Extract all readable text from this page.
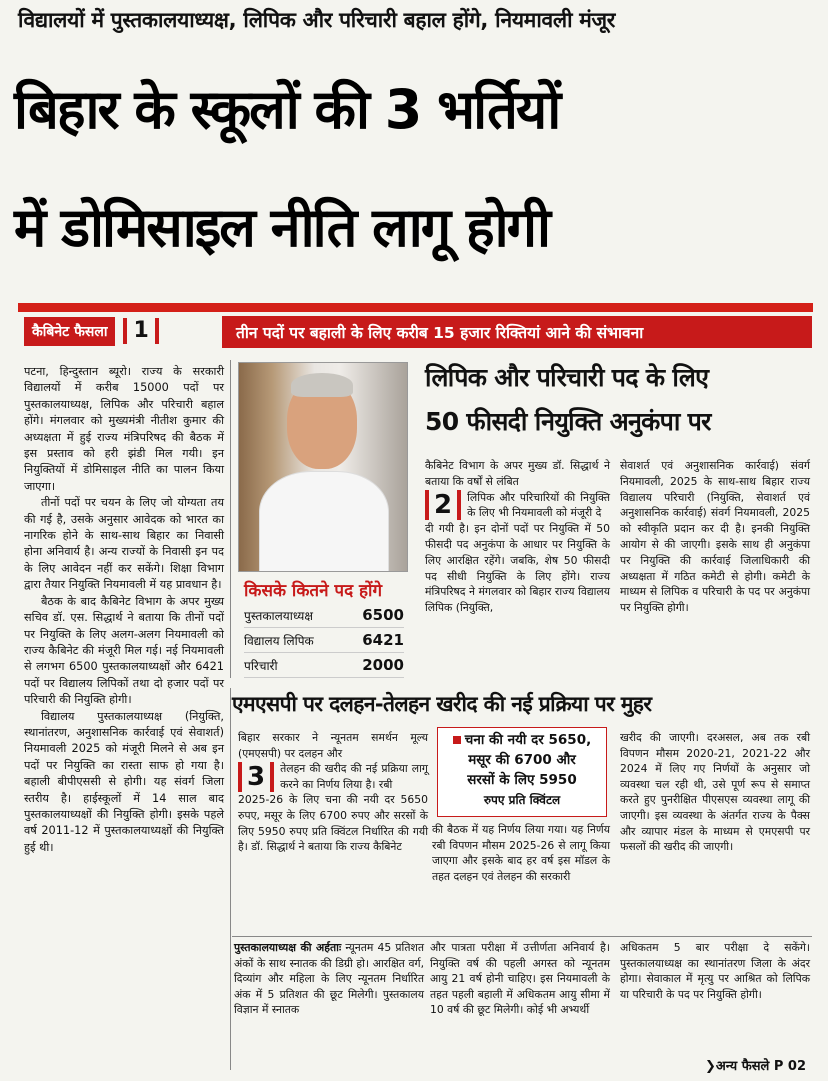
विद्यालयों में पुस्तकालयाध्यक्ष, लिपिक और परिचारी बहाल होंगे, नियमावली मंजूर
बिहार के स्कूलों की 3 भर्तियों
में डोमिसाइल नीति लागू होगी
कैबिनेट फैसला	1	तीन पदों पर बहाली के लिए करीब 15 हजार रिक्तियां आने की संभावना

पटना, हिन्दुस्तान ब्यूरो। राज्य के सरकारी विद्यालयों में करीब 15000 पदों पर पुस्तकालयाध्यक्ष, लिपिक और परिचारी बहाल होंगे। मंगलवार को मुख्यमंत्री नीतीश कुमार की अध्यक्षता में हुई राज्य मंत्रिपरिषद की बैठक में इस प्रस्ताव को हरी झंडी मिल गयी। इन नियुक्तियों में डोमिसाइल नीति का पालन किया जाएगा।

तीनों पदों पर चयन के लिए जो योग्यता तय की गई है, उसके अनुसार आवेदक को भारत का नागरिक होने के साथ-साथ बिहार का निवासी होना अनिवार्य है। अन्य राज्यों के निवासी इन पद के लिए आवेदन नहीं कर सकेंगे। शिक्षा विभाग द्वारा तैयार नियुक्ति नियमावली में यह प्रावधान है।

बैठक के बाद कैबिनेट विभाग के अपर मुख्य सचिव डॉ. एस. सिद्धार्थ ने बताया कि तीनों पदों पर नियुक्ति के लिए अलग-अलग नियमावली को राज्य कैबिनेट की मंजूरी मिल गई। नई नियमावली से लगभग 6500 पुस्तकालयाध्यक्षों और 6421 पदों पर विद्यालय लिपिकों तथा दो हजार पदों पर परिचारी की नियुक्ति होगी।

विद्यालय पुस्तकालयाध्यक्ष (नियुक्ति, स्थानांतरण, अनुशासनिक कार्रवाई एवं सेवाशर्त) नियमावली 2025 को मंजूरी मिलने से अब इन पदों पर नियुक्ति का रास्ता साफ हो गया है। बहाली बीपीएससी से होगी। यह संवर्ग जिला स्तरीय है। हाईस्कूलों में 14 साल बाद पुस्तकालयाध्यक्षों की नियुक्ति होगी। इसके पहले वर्ष 2011-12 में पुस्तकालयाध्यक्षों की नियुक्ति हुई थी।

किसके कितने पद होंगे
पुस्तकालयाध्यक्ष	6500
विद्यालय लिपिक	6421
परिचारी	2000
लिपिक और परिचारी पद के लिए
50 फीसदी नियुक्ति अनुकंपा पर

कैबिनेट विभाग के अपर मुख्य डॉ. सिद्धार्थ ने बताया कि वर्षों से लंबित

2	लिपिक और परिचारियों की नियुक्ति के लिए भी नियमावली को मंजूरी दे

दी गयी है। इन दोनों पदों पर नियुक्ति में 50 फीसदी पद अनुकंपा के आधार पर नियुक्ति के लिए आरक्षित रहेंगे। जबकि, शेष 50 फीसदी पद सीधी नियुक्ति के लिए होंगे। राज्य मंत्रिपरिषद ने मंगलवार को बिहार राज्य विद्यालय लिपिक (नियुक्ति,

सेवाशर्त एवं अनुशासनिक कार्रवाई) संवर्ग नियमावली, 2025 के साथ-साथ बिहार राज्य विद्यालय परिचारी (नियुक्ति, सेवाशर्त एवं अनुशासनिक कार्रवाई) संवर्ग नियमावली, 2025 को स्वीकृति प्रदान कर दी है। इनकी नियुक्ति आयोग से की जाएगी। इसके साथ ही अनुकंपा पर नियुक्ति की कार्रवाई जिलाधिकारी की अध्यक्षता में गठित कमेटी से होगी। कमेटी के माध्यम से लिपिक व परिचारी के पद पर अनुकंपा पर नियुक्ति होगी।

एमएसपी पर दलहन-तेलहन खरीद की नई प्रक्रिया पर मुहर

बिहार सरकार ने न्यूनतम समर्थन मूल्य (एमएसपी) पर दलहन और

3	तेलहन की खरीद की नई प्रक्रिया लागू करने का निर्णय लिया है। रबी

2025-26 के लिए चना की नयी दर 5650 रुपए, मसूर के लिए 6700 रुपए और सरसों के लिए 5950 रुपए प्रति क्विंटल निर्धारित की गयी है। डॉ. सिद्धार्थ ने बताया कि राज्य कैबिनेट

चना की नयी दर 5650,
मसूर की 6700 और
सरसों के लिए 5950
रुपए प्रति क्विंटल

की बैठक में यह निर्णय लिया गया। यह निर्णय रबी विपणन मौसम 2025-26 से लागू किया जाएगा और इसके बाद हर वर्ष इस मॉडल के तहत दलहन एवं तेलहन की सरकारी

खरीद की जाएगी। दरअसल, अब तक रबी विपणन मौसम 2020-21, 2021-22 और 2024 में लिए गए निर्णयों के अनुसार जो व्यवस्था चल रही थी, उसे पूर्ण रूप से समाप्त करते हुए पुनरीक्षित पीएसएस व्यवस्था लागू की जाएगी। इस व्यवस्था के अंतर्गत राज्य के पैक्स और व्यापार मंडल के माध्यम से एमएसपी पर फसलों की खरीद की जाएगी।

पुस्तकालयाध्यक्ष की अर्हताः न्यूनतम 45 प्रतिशत अंकों के साथ स्नातक की डिग्री हो। आरक्षित वर्ग, दिव्यांग और महिला के लिए न्यूनतम निर्धारित अंक में 5 प्रतिशत की छूट मिलेगी। पुस्तकालय विज्ञान में स्नातक

और पात्रता परीक्षा में उत्तीर्णता अनिवार्य है। नियुक्ति वर्ष की पहली अगस्त को न्यूनतम आयु 21 वर्ष होनी चाहिए। इस नियमावली के तहत पहली बहाली में अधिकतम आयु सीमा में 10 वर्ष की छूट मिलेगी। कोई भी अभ्यर्थी

अधिकतम 5 बार परीक्षा दे सकेंगे। पुस्तकालयाध्यक्ष का स्थानांतरण जिला के अंदर होगा। सेवाकाल में मृत्यु पर आश्रित को लिपिक या परिचारी के पद पर नियुक्ति होगी।

❯अन्य फैसले P 02
